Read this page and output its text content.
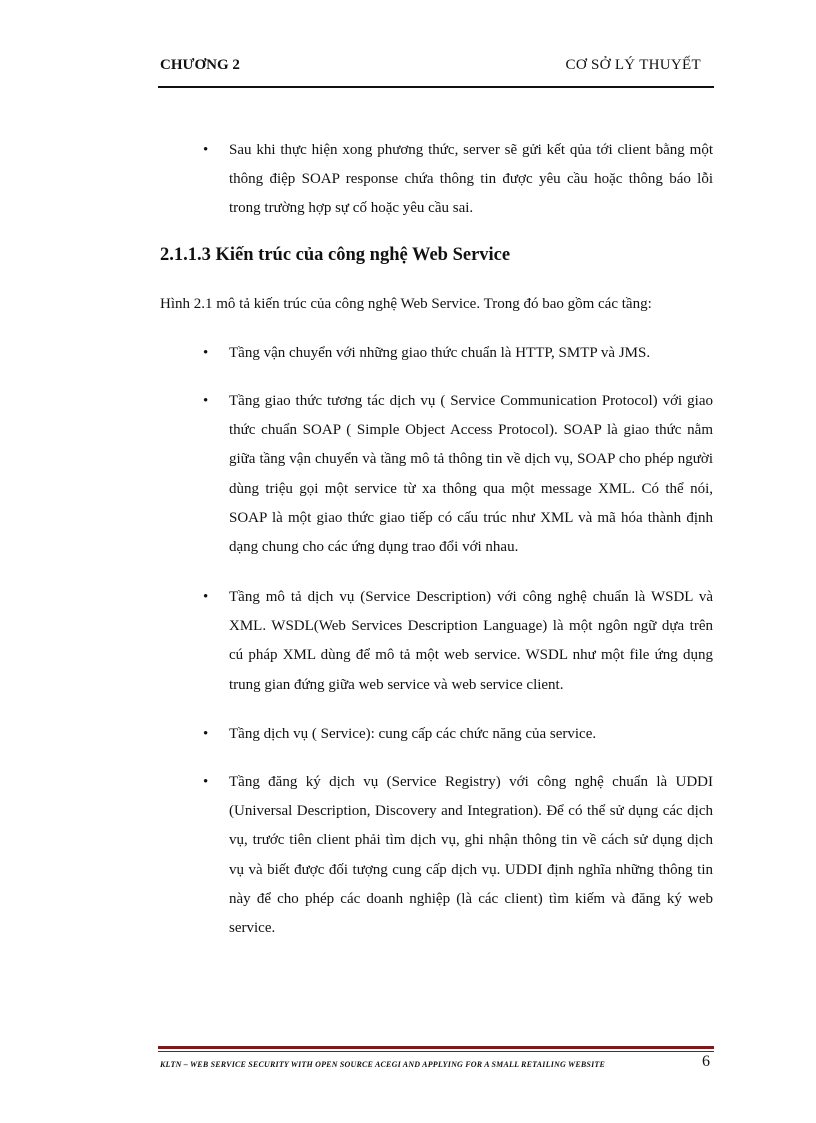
CHƯƠNG 2	CƠ SỞ LÝ THUYẾT
•	Sau khi thực hiện xong phương thức, server sẽ gửi kết qủa tới client bằng một thông điệp SOAP response chứa thông tin được yêu cầu hoặc thông báo lỗi trong trường hợp sự cố hoặc yêu cầu sai.
2.1.1.3 Kiến trúc của công nghệ Web Service
Hình 2.1 mô tả kiến trúc của công nghệ Web Service. Trong đó bao gồm các tầng:
•	Tầng vận chuyển với những giao thức chuẩn là HTTP, SMTP và JMS.
•	Tầng giao thức tương tác dịch vụ ( Service Communication Protocol) với giao thức chuẩn SOAP ( Simple Object Access Protocol). SOAP là giao thức nằm giữa tầng vận chuyển và tầng mô tả thông tin về dịch vụ, SOAP cho phép người dùng triệu gọi một service từ xa thông qua một message XML. Có thể nói, SOAP là một giao thức giao tiếp có cấu trúc như XML và mã hóa thành định dạng chung cho các ứng dụng trao đổi với nhau.
•	Tầng mô tả dịch vụ (Service Description) với công nghệ chuẩn là WSDL và XML. WSDL(Web Services Description Language) là một ngôn ngữ dựa trên cú pháp XML dùng để mô tả một web service. WSDL như một file ứng dụng trung gian đứng giữa web service và web service client.
•	Tầng dịch vụ ( Service): cung cấp các chức năng của service.
•	Tầng đăng ký dịch vụ (Service Registry) với công nghệ chuẩn là UDDI (Universal Description, Discovery and Integration). Để có thể sử dụng các dịch vụ, trước tiên client phải tìm dịch vụ, ghi nhận thông tin về cách sử dụng dịch vụ và biết được đối tượng cung cấp dịch vụ. UDDI định nghĩa những thông tin này để cho phép các doanh nghiệp (là các client) tìm kiếm và đăng ký web service.
KLTN – WEB SERVICE SECURITY WITH OPEN SOURCE ACEGI AND APPLYING FOR A SMALL RETAILING WEBSITE	6
